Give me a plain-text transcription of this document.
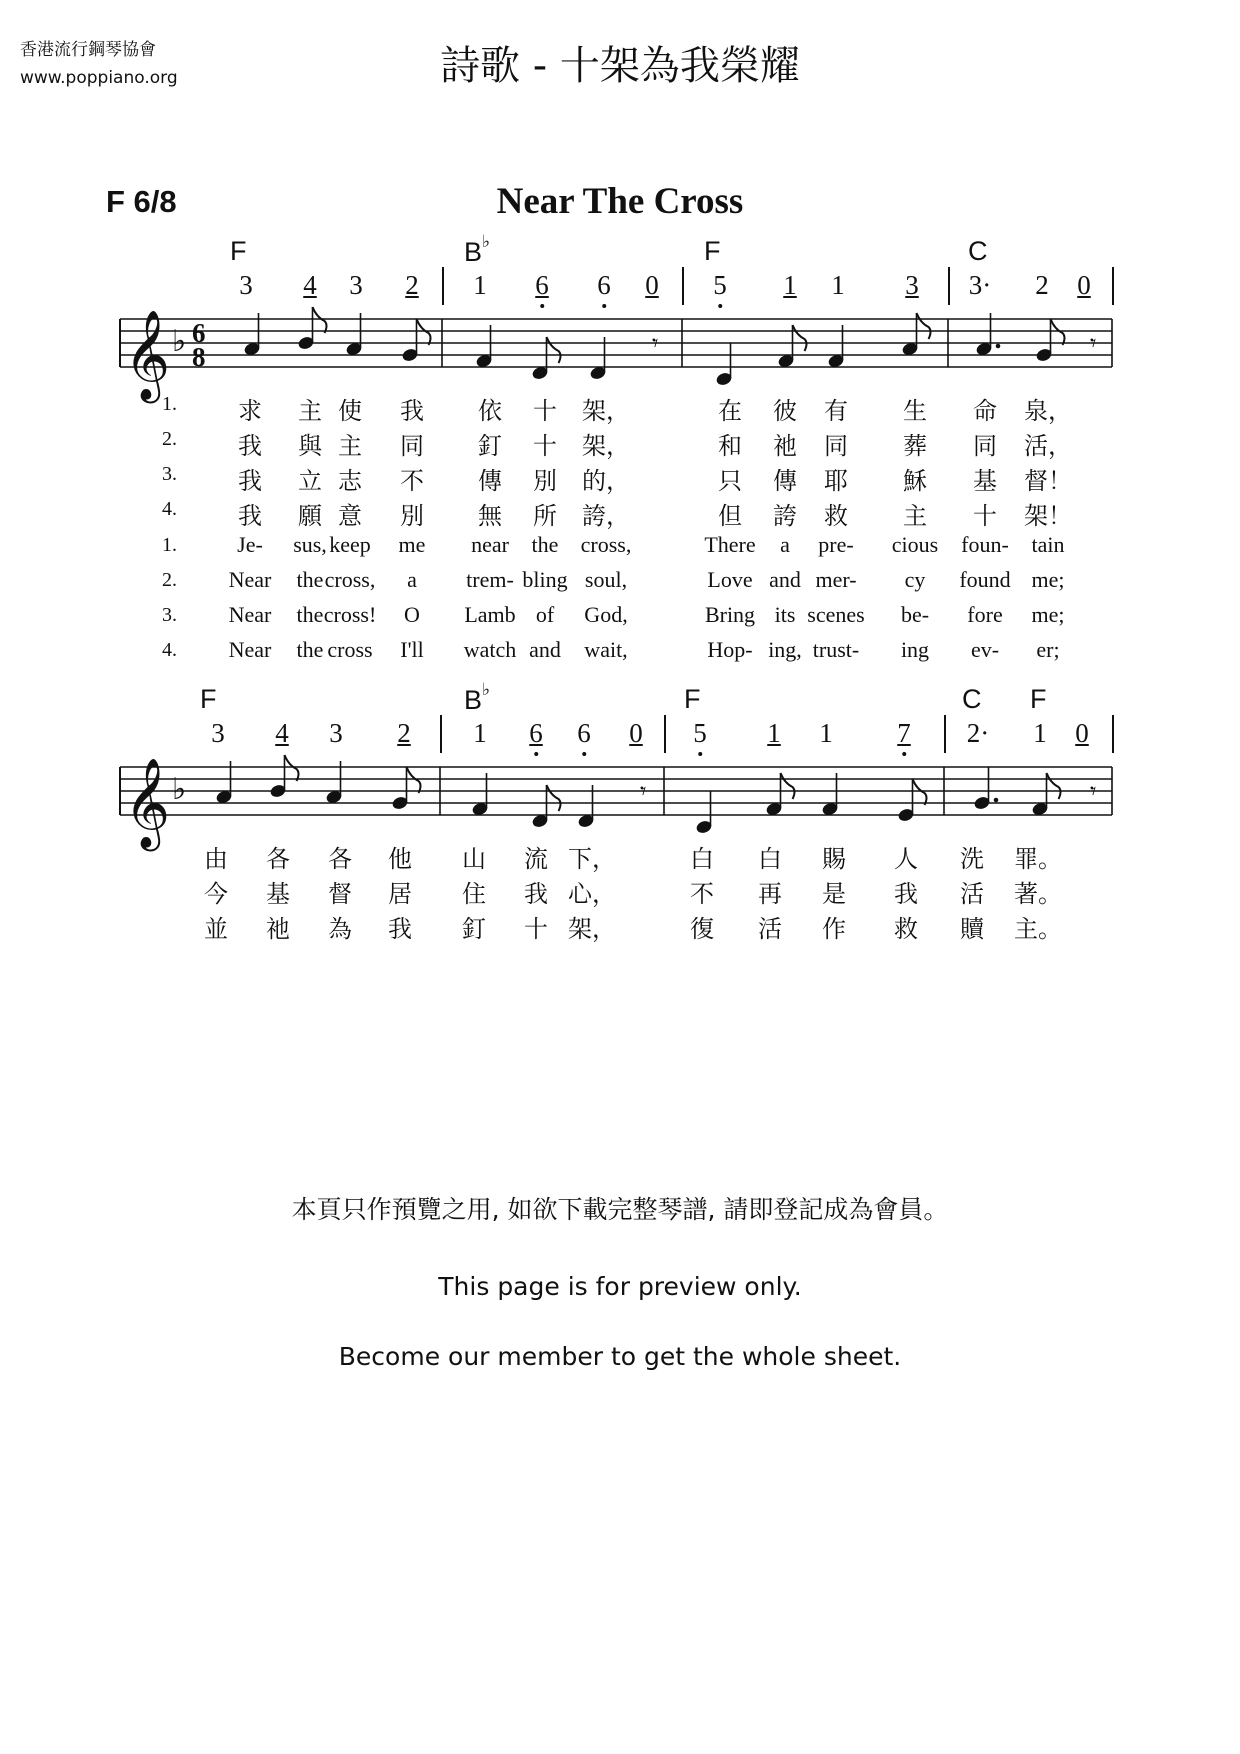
香港流行鋼琴協會
www.poppiano.org	詩歌 - 十架為我榮耀
F 6/8	Near The Cross
F	B♭	F	C
3 4 3 2 1 6 6 0 5 1 1 3 3· 2 0
𝄞 ♭ 6
8	𝄾	𝄾
1.	求 主 使 我 依 十 架，	在 彼 有 生 命 泉，
2.	我 與 主 同 釘 十 架，	和 祂 同 葬 同 活，
3.	我 立 志 不 傳 別 的，	只 傳 耶 穌 基 督！
4.	我 願 意 別 無 所 誇，	但 誇 救 主 十 架！
1.	Je- sus, keep me near the cross,	There a pre- cious foun- tain
2. Near the cross, a trem- bling soul,	Love and mer- cy found me;
3. Near the cross! O Lamb of God,	Bring its scenes be- fore me;
4. Near the cross I'll watch and wait,	Hop- ing, trust- ing ev- er;
F	B♭	F	C F
3 4 3 2 1 6 6 0 5 1 1 7 2· 1 0
𝄞 ♭	𝄾	𝄾
由 各 各 他 山 流 下，	白 白 賜 人 洗 罪。
今 基 督 居 住 我 心，	不 再 是 我 活 著。
並 祂 為 我 釘 十 架，	復 活 作 救 贖 主。
本頁只作預覽之用, 如欲下載完整琴譜, 請即登記成為會員。
This page is for preview only.
Become our member to get the whole sheet.
